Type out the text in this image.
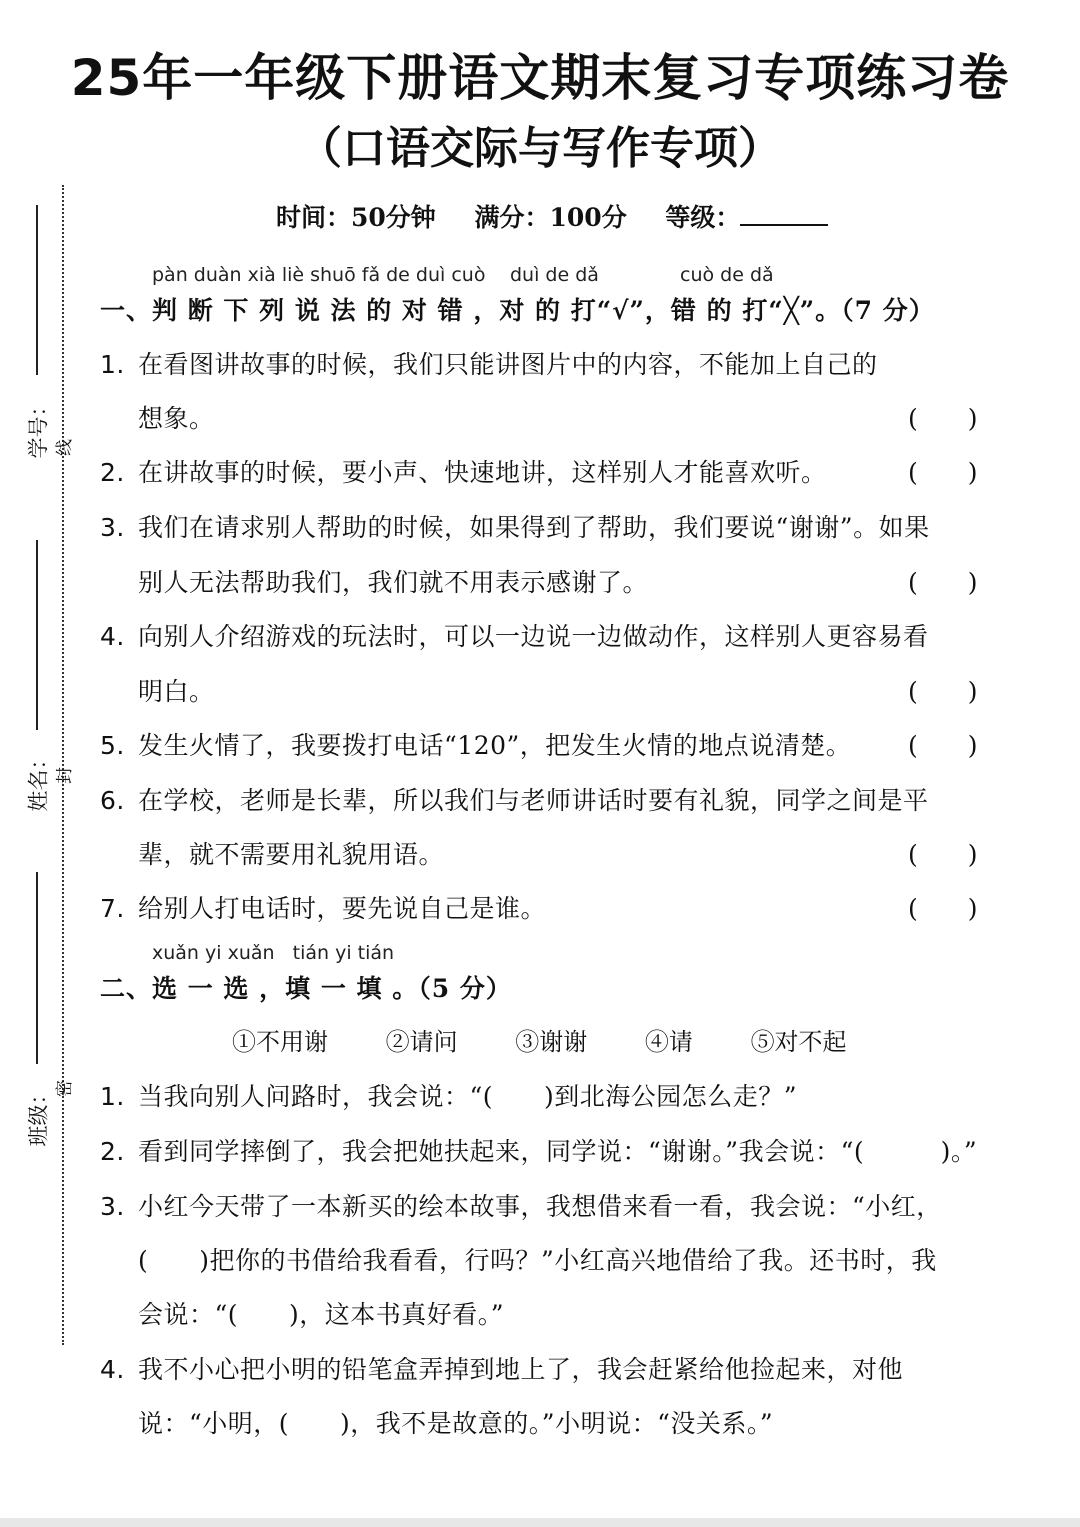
学号：
姓名：
班级：
线
封
密
25年一年级下册语文期末复习专项练习卷
（口语交际与写作专项）
时间：50分钟 满分：100分 等级：
pàn duàn xià liè shuō fǎ de duì cuò duì de dǎ	cuò de dǎ
一、判 断 下 列 说 法 的 对 错 ，对 的 打“√”，错 的 打“╳”。（7 分）
1. 在看图讲故事的时候，我们只能讲图片中的内容，不能加上自己的
想象。	(　　)
2. 在讲故事的时候，要小声、快速地讲，这样别人才能喜欢听。	(　　)
3. 我们在请求别人帮助的时候，如果得到了帮助，我们要说“谢谢”。如果
别人无法帮助我们，我们就不用表示感谢了。	(　　)
4. 向别人介绍游戏的玩法时，可以一边说一边做动作，这样别人更容易看
明白。	(　　)
5. 发生火情了，我要拨打电话“120”，把发生火情的地点说清楚。 (　　)
6. 在学校，老师是长辈，所以我们与老师讲话时要有礼貌，同学之间是平
辈，就不需要用礼貌用语。	(　　)
7. 给别人打电话时，要先说自己是谁。	(　　)
xuǎn yi xuǎn   tián yi tián
二、选 一 选 ，填 一 填 。（5 分）
①不用谢 ②请问 ③谢谢 ④请 ⑤对不起
1. 当我向别人问路时，我会说：“(　　)到北海公园怎么走？”
2. 看到同学摔倒了，我会把她扶起来，同学说：“谢谢。”我会说：“(　　　)。”
3. 小红今天带了一本新买的绘本故事，我想借来看一看，我会说：“小红，
(　　)把你的书借给我看看，行吗？”小红高兴地借给了我。还书时，我
会说：“(　　)，这本书真好看。”
4. 我不小心把小明的铅笔盒弄掉到地上了，我会赶紧给他捡起来，对他
说：“小明，(　　)，我不是故意的。”小明说：“没关系。”
